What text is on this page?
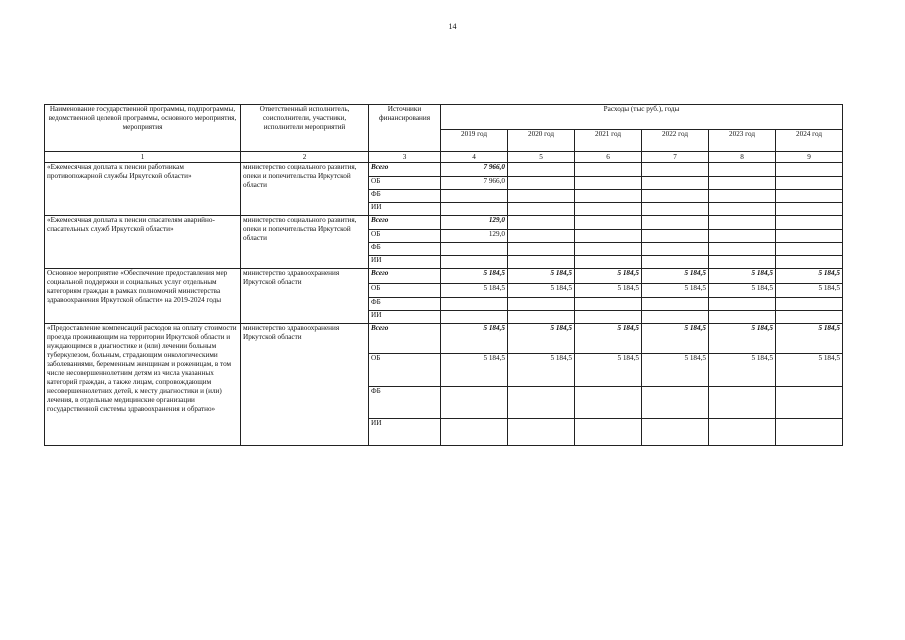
14
Наименование государственной программы, подпрограммы, ведомственной целевой программы, основного мероприятия, мероприятия	Ответственный исполнитель, соисполнители, участники, исполнители мероприятий	Источники финансирования	Расходы (тыс руб.), годы					
			2019 год	2020 год	2021 год	2022 год	2023 год	2024 год
1	2	3	4	5	6	7	8	9
«Ежемесячная доплата к пенсии работникам противопожарной службы Иркутской области»	министерство социального развития, опеки и попечительства Иркутской области	Всего	7 966,0					
		ОБ	7 966,0					
		ФБ						
		ИИ						
«Ежемесячная доплата к пенсии спасателям аварийно-спасательных служб Иркутской области»	министерство социального развития, опеки и попечительства Иркутской области	Всего	129,0					
		ОБ	129,0					
		ФБ						
		ИИ						
Основное мероприятие «Обеспечение предоставления мер социальной поддержки и социальных услуг отдельным категориям граждан в рамках полномочий министерства здравоохранения Иркутской области» на 2019-2024 годы	министерство здравоохранения Иркутской области	Всего	5 184,5	5 184,5	5 184,5	5 184,5	5 184,5	5 184,5
		ОБ	5 184,5	5 184,5	5 184,5	5 184,5	5 184,5	5 184,5
		ФБ						
		ИИ						
«Предоставление компенсаций расходов на оплату стоимости проезда проживающим на территории Иркутской области и нуждающимся в диагностике и (или) лечении больным туберкулезом, больным, страдающим онкологическими заболеваниями, беременным женщинам и роженицам, в том числе несовершеннолетним детям из числа указанных категорий граждан, а также лицам, сопровождающим несовершеннолетних детей, к месту диагностики и (или) лечения, в отдельные медицинские организации государственной системы здравоохранения и обратно»	министерство здравоохранения Иркутской области	Всего	5 184,5	5 184,5	5 184,5	5 184,5	5 184,5	5 184,5
		ОБ	5 184,5	5 184,5	5 184,5	5 184,5	5 184,5	5 184,5
		ФБ						
		ИИ						
